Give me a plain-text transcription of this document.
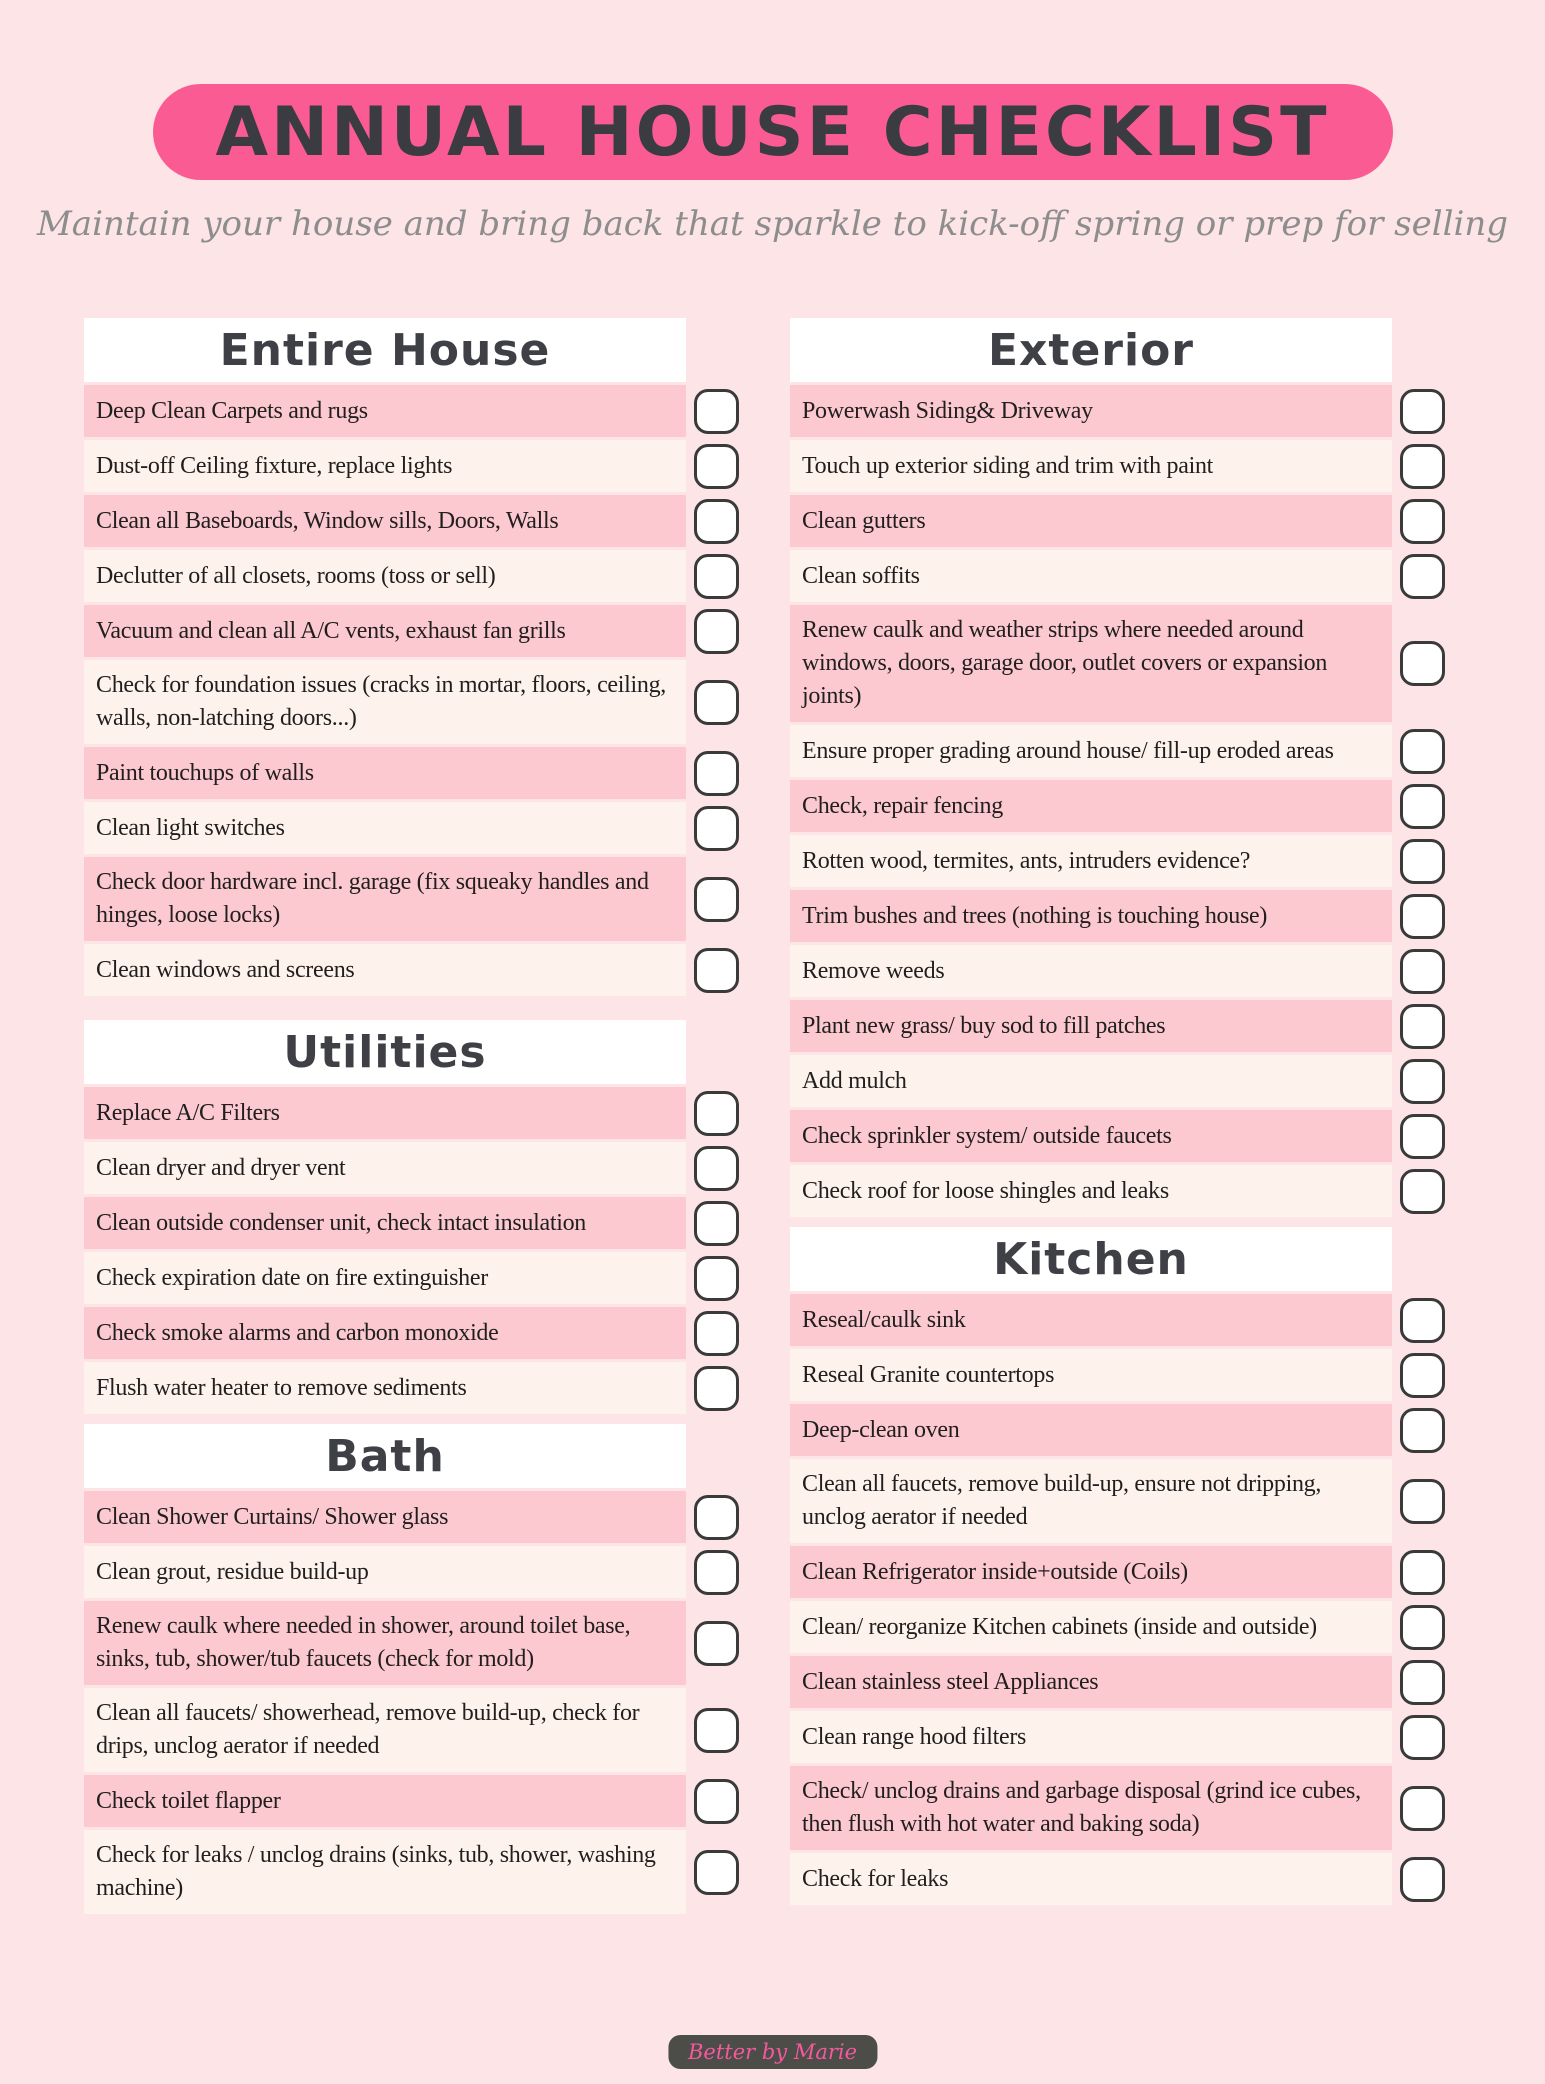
ANNUAL HOUSE CHECKLIST
Maintain your house and bring back that sparkle to kick-off spring or prep for selling
Entire House
Deep Clean Carpets and rugs
Dust-off Ceiling fixture, replace lights
Clean all Baseboards, Window sills, Doors, Walls
Declutter of all closets, rooms (toss or sell)
Vacuum and clean all A/C vents, exhaust fan grills
Check for foundation issues (cracks in mortar, floors, ceiling, walls, non-latching doors...)
Paint touchups of walls
Clean light switches
Check door hardware incl. garage (fix squeaky handles and hinges, loose locks)
Clean windows and screens
Utilities
Replace A/C Filters
Clean dryer and dryer vent
Clean outside condenser unit, check intact insulation
Check expiration date on fire extinguisher
Check smoke alarms and carbon monoxide
Flush water heater to remove sediments
Bath
Clean Shower Curtains/ Shower glass
Clean grout, residue build-up
Renew caulk where needed in shower, around toilet base, sinks, tub, shower/tub faucets (check for mold)
Clean all faucets/ showerhead, remove build-up, check for drips, unclog aerator if needed
Check toilet flapper
Check for leaks / unclog drains (sinks, tub, shower, washing machine)
Exterior
Powerwash Siding& Driveway
Touch up exterior siding and trim with paint
Clean gutters
Clean soffits
Renew caulk and weather strips where needed around windows, doors, garage door, outlet covers or expansion joints)
Ensure proper grading around house/ fill-up eroded areas
Check, repair fencing
Rotten wood, termites, ants, intruders evidence?
Trim bushes and trees (nothing is touching house)
Remove weeds
Plant new grass/ buy sod to fill patches
Add mulch
Check sprinkler system/ outside faucets
Check roof for loose shingles and leaks
Kitchen
Reseal/caulk sink
Reseal Granite countertops
Deep-clean oven
Clean all faucets, remove build-up, ensure not dripping, unclog aerator if needed
Clean Refrigerator inside+outside (Coils)
Clean/ reorganize Kitchen cabinets (inside and outside)
Clean stainless steel Appliances
Clean range hood filters
Check/ unclog drains and garbage disposal (grind ice cubes, then flush with hot water and baking soda)
Check for leaks
Better by Marie
